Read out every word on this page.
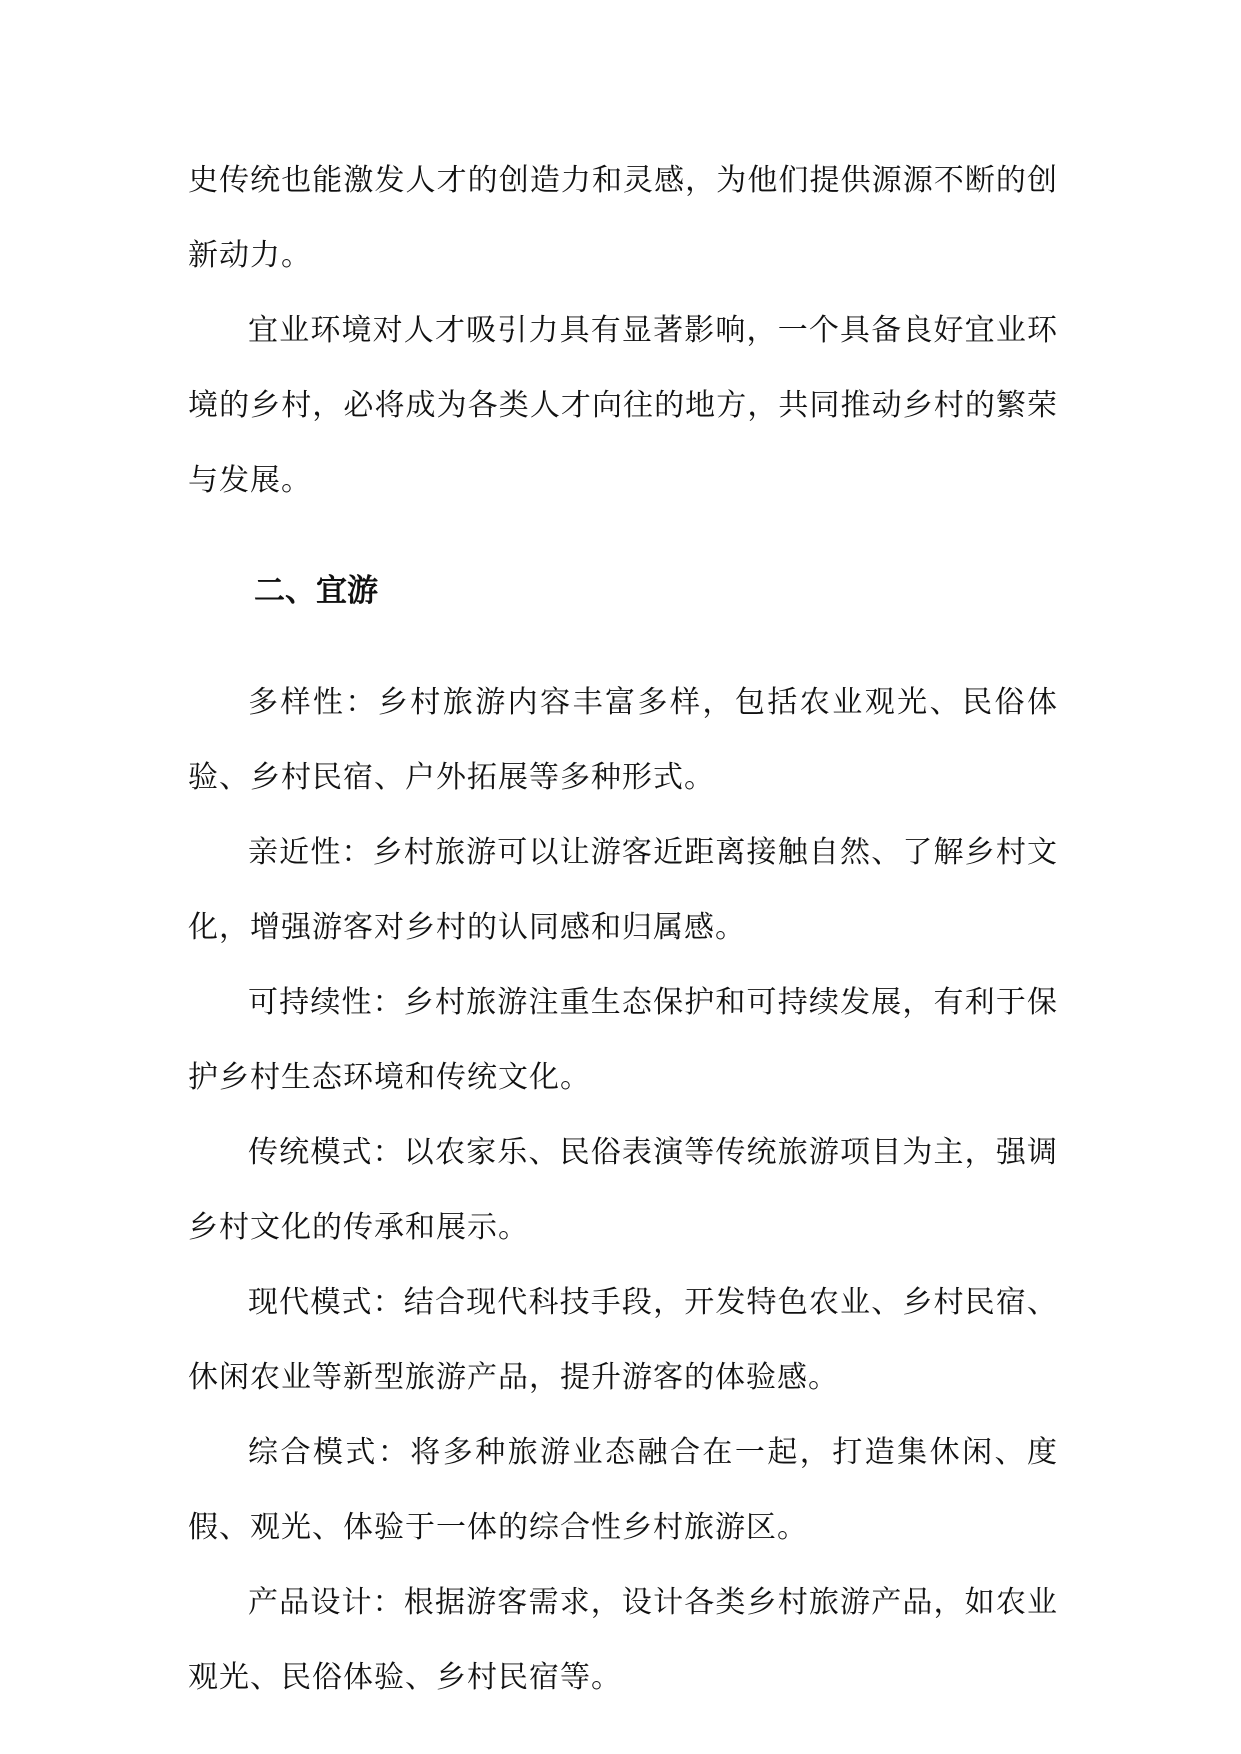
史传统也能激发人才的创造力和灵感，为他们提供源源不断的创新动力。

宜业环境对人才吸引力具有显著影响，一个具备良好宜业环境的乡村，必将成为各类人才向往的地方，共同推动乡村的繁荣与发展。

二、宜游

多样性：乡村旅游内容丰富多样，包括农业观光、民俗体验、乡村民宿、户外拓展等多种形式。

亲近性：乡村旅游可以让游客近距离接触自然、了解乡村文化，增强游客对乡村的认同感和归属感。

可持续性：乡村旅游注重生态保护和可持续发展，有利于保护乡村生态环境和传统文化。

传统模式：以农家乐、民俗表演等传统旅游项目为主，强调乡村文化的传承和展示。

现代模式：结合现代科技手段，开发特色农业、乡村民宿、休闲农业等新型旅游产品，提升游客的体验感。

综合模式：将多种旅游业态融合在一起，打造集休闲、度假、观光、体验于一体的综合性乡村旅游区。

产品设计：根据游客需求，设计各类乡村旅游产品，如农业观光、民俗体验、乡村民宿等。
